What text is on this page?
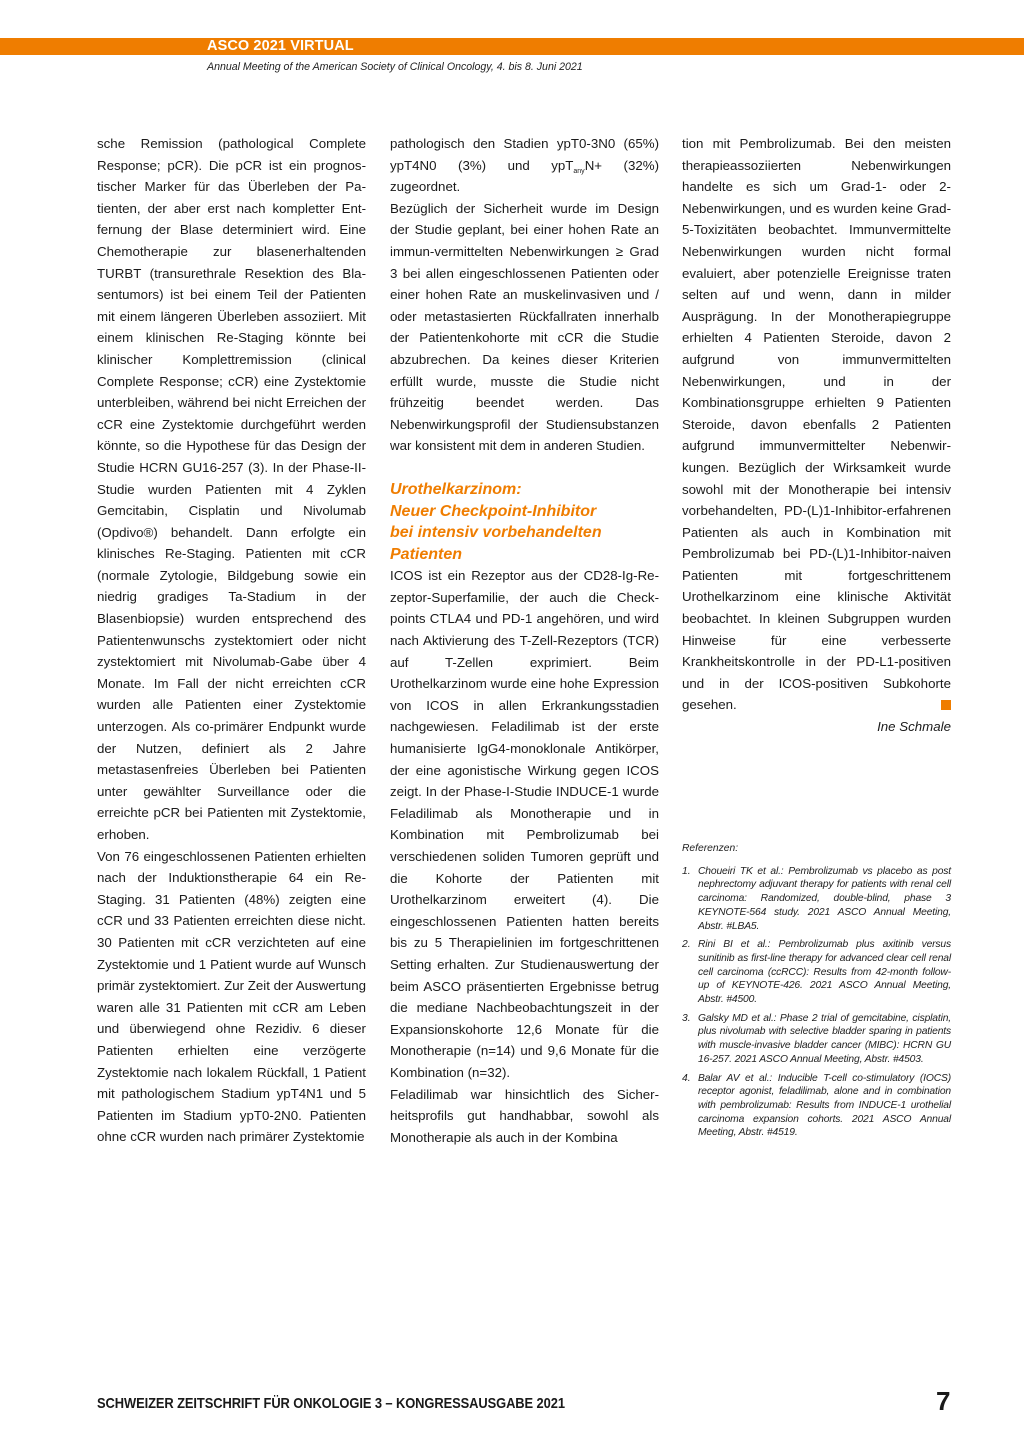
ASCO 2021 VIRTUAL
Annual Meeting of the American Society of Clinical Oncology, 4. bis 8. Juni 2021

sche Remission (pathological Complete Response; pCR). Die pCR ist ein prognostischer Marker für das Überleben der Patienten, der aber erst nach kompletter Entfernung der Blase determiniert wird. Eine Chemotherapie zur blasenerhaltenden TURBT (transurethrale Resektion des Blasentumors) ist bei einem Teil der Patienten mit einem längeren Überleben assoziiert. Mit einem klinischen Re-Staging könnte bei klinischer Komplettremission (clinical Complete Response; cCR) eine Zystektomie unterbleiben, während bei nicht Erreichen der cCR eine Zystektomie durchgeführt werden könnte, so die Hypothese für das Design der Studie HCRN GU16-257 (3). In der Phase-II-Studie wurden Patienten mit 4 Zyklen Gemcitabin, Cisplatin und Nivolumab (Opdivo®) behandelt. Dann erfolgte ein klinisches Re-Staging. Patienten mit cCR (normale Zytologie, Bildgebung sowie ein niedrig gradiges Ta-Stadium in der Blasenbiopsie) wurden entsprechend des Patientenwunschs zystektomiert oder nicht zystektomiert mit Nivolumab-Gabe über 4 Monate. Im Fall der nicht erreichten cCR wurden alle Patienten einer Zystektomie unterzogen. Als co-primärer Endpunkt wurde der Nutzen, definiert als 2 Jahre metastasenfreies Überleben bei Patienten unter gewählter Surveillance oder die erreichte pCR bei Patienten mit Zystektomie, erhoben.

Von 76 eingeschlossenen Patienten erhielten nach der Induktionstherapie 64 ein Re-Staging. 31 Patienten (48%) zeigten eine cCR und 33 Patienten erreichten diese nicht. 30 Patienten mit cCR verzichteten auf eine Zystektomie und 1 Patient wurde auf Wunsch primär zystektomiert. Zur Zeit der Auswertung waren alle 31 Patienten mit cCR am Leben und überwiegend ohne Rezidiv. 6 dieser Patienten erhielten eine verzögerte Zystektomie nach lokalem Rückfall, 1 Patient mit pathologischem Stadium ypT4N1 und 5 Patienten im Stadium ypT0-2N0. Patienten ohne cCR wurden nach primärer Zystektomie

pathologisch den Stadien ypT0-3N0 (65%) ypT4N0 (3%) und ypT$_{any}$N+ (32%) zugeordnet.

Bezüglich der Sicherheit wurde im Design der Studie geplant, bei einer hohen Rate an immun-vermittelten Nebenwirkungen ≥ Grad 3 bei allen eingeschlossenen Patienten oder einer hohen Rate an muskelinvasiven und / oder metastasierten Rückfallraten innerhalb der Patientenkohorte mit cCR die Studie abzubrechen. Da keines dieser Kriterien erfüllt wurde, musste die Studie nicht frühzeitig beendet werden. Das Nebenwirkungsprofil der Studiensubstanzen war konsistent mit dem in anderen Studien.

Urothelkarzinom:
Neuer Checkpoint-Inhibitor
bei intensiv vorbehandelten
Patienten

ICOS ist ein Rezeptor aus der CD28-Ig-Rezeptor-Superfamilie, der auch die Checkpoints CTLA4 und PD-1 angehören, und wird nach Aktivierung des T-Zell-Rezeptors (TCR) auf T-Zellen exprimiert. Beim Urothelkarzinom wurde eine hohe Expression von ICOS in allen Erkrankungsstadien nachgewiesen. Feladilimab ist der erste humanisierte IgG4-monoklonale Antikörper, der eine agonistische Wirkung gegen ICOS zeigt. In der Phase-I-Studie INDUCE-1 wurde Feladilimab als Monotherapie und in Kombination mit Pembrolizumab bei verschiedenen soliden Tumoren geprüft und die Kohorte der Patienten mit Urothelkarzinom erweitert (4). Die eingeschlossenen Patienten hatten bereits bis zu 5 Therapielinien im fortgeschrittenen Setting erhalten. Zur Studienauswertung der beim ASCO präsentierten Ergebnisse betrug die mediane Nachbeobachtungszeit in der Expansionskohorte 12,6 Monate für die Monotherapie (n=14) und 9,6 Monate für die Kombination (n=32).

Feladilimab war hinsichtlich des Sicherheitsprofils gut handhabbar, sowohl als Monotherapie als auch in der Kombina

tion mit Pembrolizumab. Bei den meisten therapieassoziierten Nebenwirkungen handelte es sich um Grad-1- oder 2-Nebenwirkungen, und es wurden keine Grad-5-Toxizitäten beobachtet. Immunvermittelte Nebenwirkungen wurden nicht formal evaluiert, aber potenzielle Ereignisse traten selten auf und wenn, dann in milder Ausprägung. In der Monotherapiegruppe erhielten 4 Patienten Steroide, davon 2 aufgrund von immunvermittelten Nebenwirkungen, und in der Kombinationsgruppe erhielten 9 Patienten Steroide, davon ebenfalls 2 Patienten aufgrund immunvermittelter Nebenwirkungen. Bezüglich der Wirksamkeit wurde sowohl mit der Monotherapie bei intensiv vorbehandelten, PD-(L)1-Inhibitor-erfahrenen Patienten als auch in Kombination mit Pembrolizumab bei PD-(L)1-Inhibitor-naiven Patienten mit fortgeschrittenem Urothelkarzinom eine klinische Aktivität beobachtet. In kleinen Subgruppen wurden Hinweise für eine verbesserte Krankheitskontrolle in der PD-L1-positiven und in der ICOS-positiven Subkohorte gesehen.

Ine Schmale

Referenzen:
1. Choueiri TK et al.: Pembrolizumab vs placebo as post nephrectomy adjuvant therapy for patients with renal cell carcinoma: Randomized, double-blind, phase 3 KEYNOTE-564 study. 2021 ASCO Annual Meeting, Abstr. #LBA5.
2. Rini BI et al.: Pembrolizumab plus axitinib versus sunitinib as first-line therapy for advanced clear cell renal cell carcinoma (ccRCC): Results from 42-month follow-up of KEYNOTE-426. 2021 ASCO Annual Meeting, Abstr. #4500.
3. Galsky MD et al.: Phase 2 trial of gemcitabine, cisplatin, plus nivolumab with selective bladder sparing in patients with muscle-invasive bladder cancer (MIBC): HCRN GU 16-257. 2021 ASCO Annual Meeting, Abstr. #4503.
4. Balar AV et al.: Inducible T-cell co-stimulatory (IOCS) receptor agonist, feladilimab, alone and in combination with pembrolizumab: Results from INDUCE-1 urothelial carcinoma expansion cohorts. 2021 ASCO Annual Meeting, Abstr. #4519.
SCHWEIZER ZEITSCHRIFT FÜR ONKOLOGIE 3 – KONGRESSAUSGABE 2021	7
